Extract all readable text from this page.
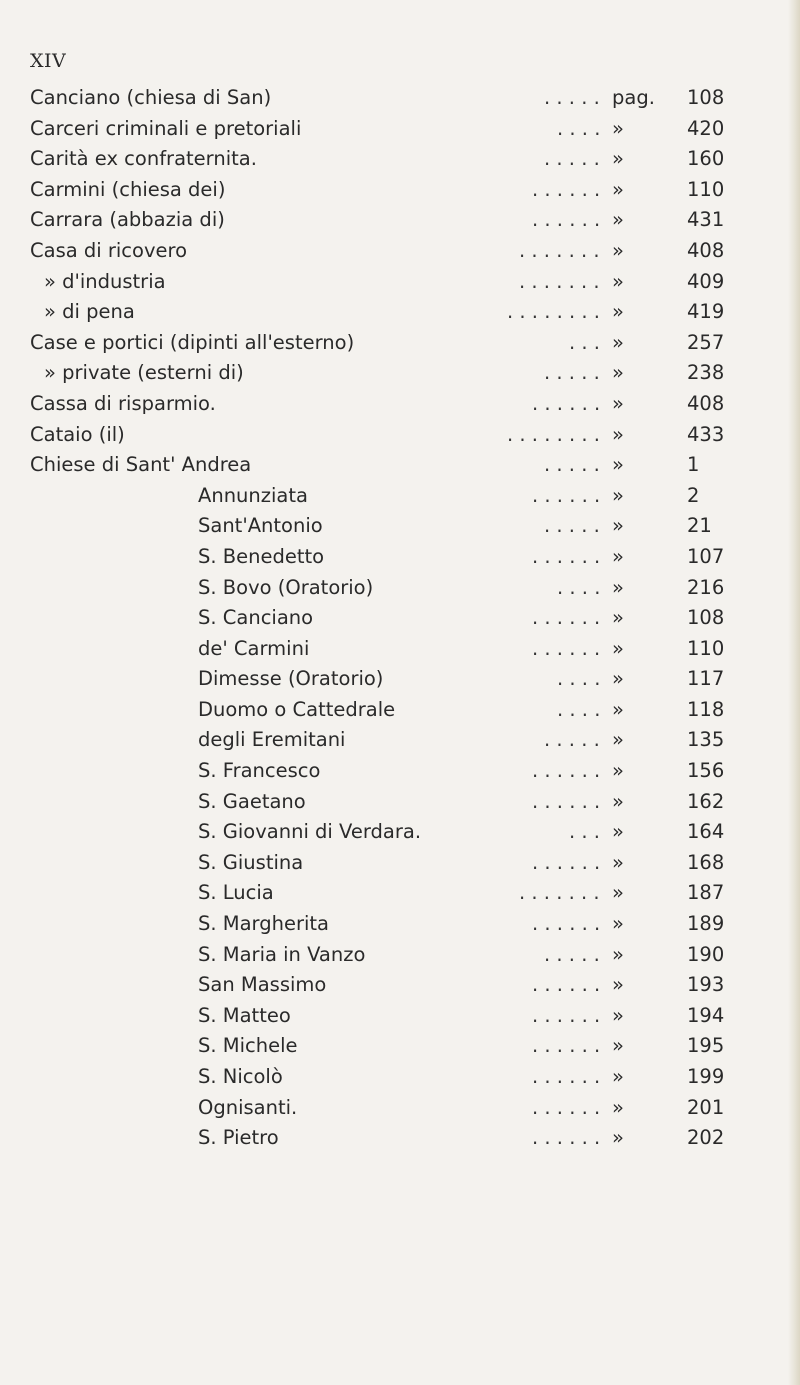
XIV
Canciano (chiesa di San)	. . . . . pag.	108
Carceri criminali e pretoriali	. . . . »	420
Carità ex confraternita.	. . . . . »	160
Carmini (chiesa dei)	. . . . . . »	110
Carrara (abbazia di)	. . . . . . »	431
Casa di ricovero	. . . . . . . »	408
» d'industria	. . . . . . . »	409
» di pena	. . . . . . . . »	419
Case e portici (dipinti all'esterno)	. . . »	257
» private (esterni di)	. . . . . »	238
Cassa di risparmio.	. . . . . . »	408
Cataio (il)	. . . . . . . . »	433
Chiese di Sant' Andrea	. . . . . »	1
Annunziata	. . . . . . »	2
Sant'Antonio	. . . . . »	21
S. Benedetto	. . . . . . »	107
S. Bovo (Oratorio)	. . . . »	216
S. Canciano	. . . . . . »	108
de' Carmini	. . . . . . »	110
Dimesse (Oratorio)	. . . . »	117
Duomo o Cattedrale	. . . . »	118
degli Eremitani	. . . . . »	135
S. Francesco	. . . . . . »	156
S. Gaetano	. . . . . . »	162
S. Giovanni di Verdara.	. . . »	164
S. Giustina	. . . . . . »	168
S. Lucia	. . . . . . . »	187
S. Margherita	. . . . . . »	189
S. Maria in Vanzo	. . . . . »	190
San Massimo	. . . . . . »	193
S. Matteo	. . . . . . »	194
S. Michele	. . . . . . »	195
S. Nicolò	. . . . . . »	199
Ognisanti.	. . . . . . »	201
S. Pietro	. . . . . . »	202
